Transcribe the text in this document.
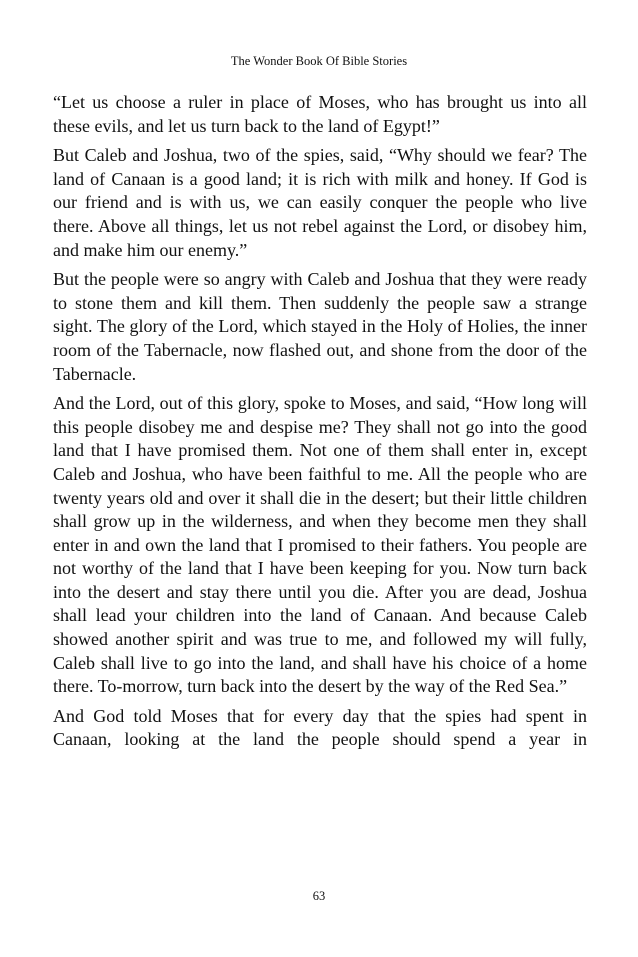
The Wonder Book Of Bible Stories

“Let us choose a ruler in place of Moses, who has brought us into all these evils, and let us turn back to the land of Egypt!”

But Caleb and Joshua, two of the spies, said, “Why should we fear? The land of Canaan is a good land; it is rich with milk and honey. If God is our friend and is with us, we can easily conquer the people who live there. Above all things, let us not rebel against the Lord, or disobey him, and make him our enemy.”

But the people were so angry with Caleb and Joshua that they were ready to stone them and kill them. Then suddenly the people saw a strange sight. The glory of the Lord, which stayed in the Holy of Holies, the inner room of the Tabernacle, now flashed out, and shone from the door of the Tabernacle.

And the Lord, out of this glory, spoke to Moses, and said, “How long will this people disobey me and despise me? They shall not go into the good land that I have promised them. Not one of them shall enter in, except Caleb and Joshua, who have been faithful to me. All the people who are twenty years old and over it shall die in the desert; but their little children shall grow up in the wilderness, and when they become men they shall enter in and own the land that I promised to their fathers. You people are not worthy of the land that I have been keeping for you. Now turn back into the desert and stay there until you die. After you are dead, Joshua shall lead your children into the land of Canaan. And because Caleb showed another spirit and was true to me, and followed my will fully, Caleb shall live to go into the land, and shall have his choice of a home there. To-morrow, turn back into the desert by the way of the Red Sea.”

And God told Moses that for every day that the spies had spent in Canaan, looking at the land the people should spend a year in

63
